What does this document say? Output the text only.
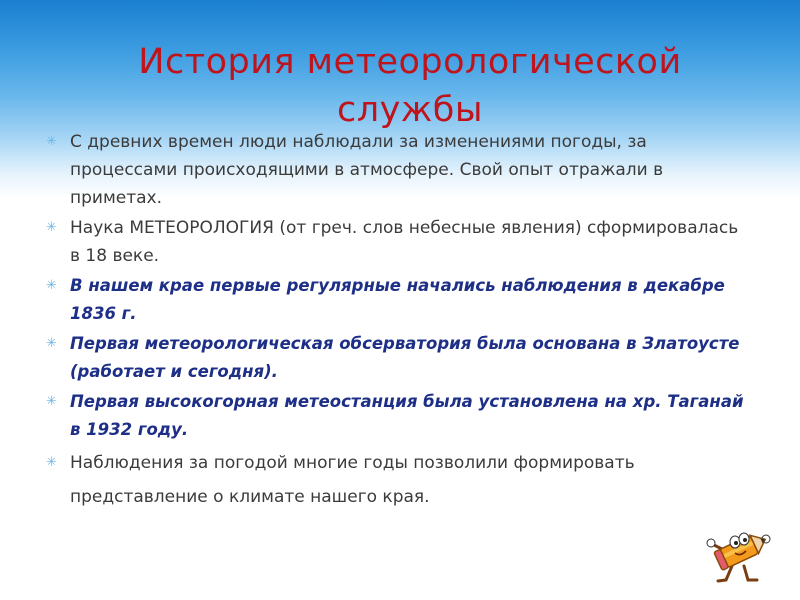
История метеорологической службы
✳ С древних времен люди наблюдали за изменениями погоды, за процессами происходящими в атмосфере. Свой опыт отражали в приметах.
✳ Наука МЕТЕОРОЛОГИЯ (от греч. слов небесные явления) сформировалась в 18 веке.
✳ В нашем крае первые регулярные начались наблюдения в декабре 1836 г.
✳ Первая метеорологическая обсерватория была основана в Златоусте (работает и сегодня).
✳ Первая высокогорная метеостанция была установлена на хр. Таганай в 1932 году.
✳ Наблюдения за погодой многие годы позволили формировать представление о климате нашего края.
